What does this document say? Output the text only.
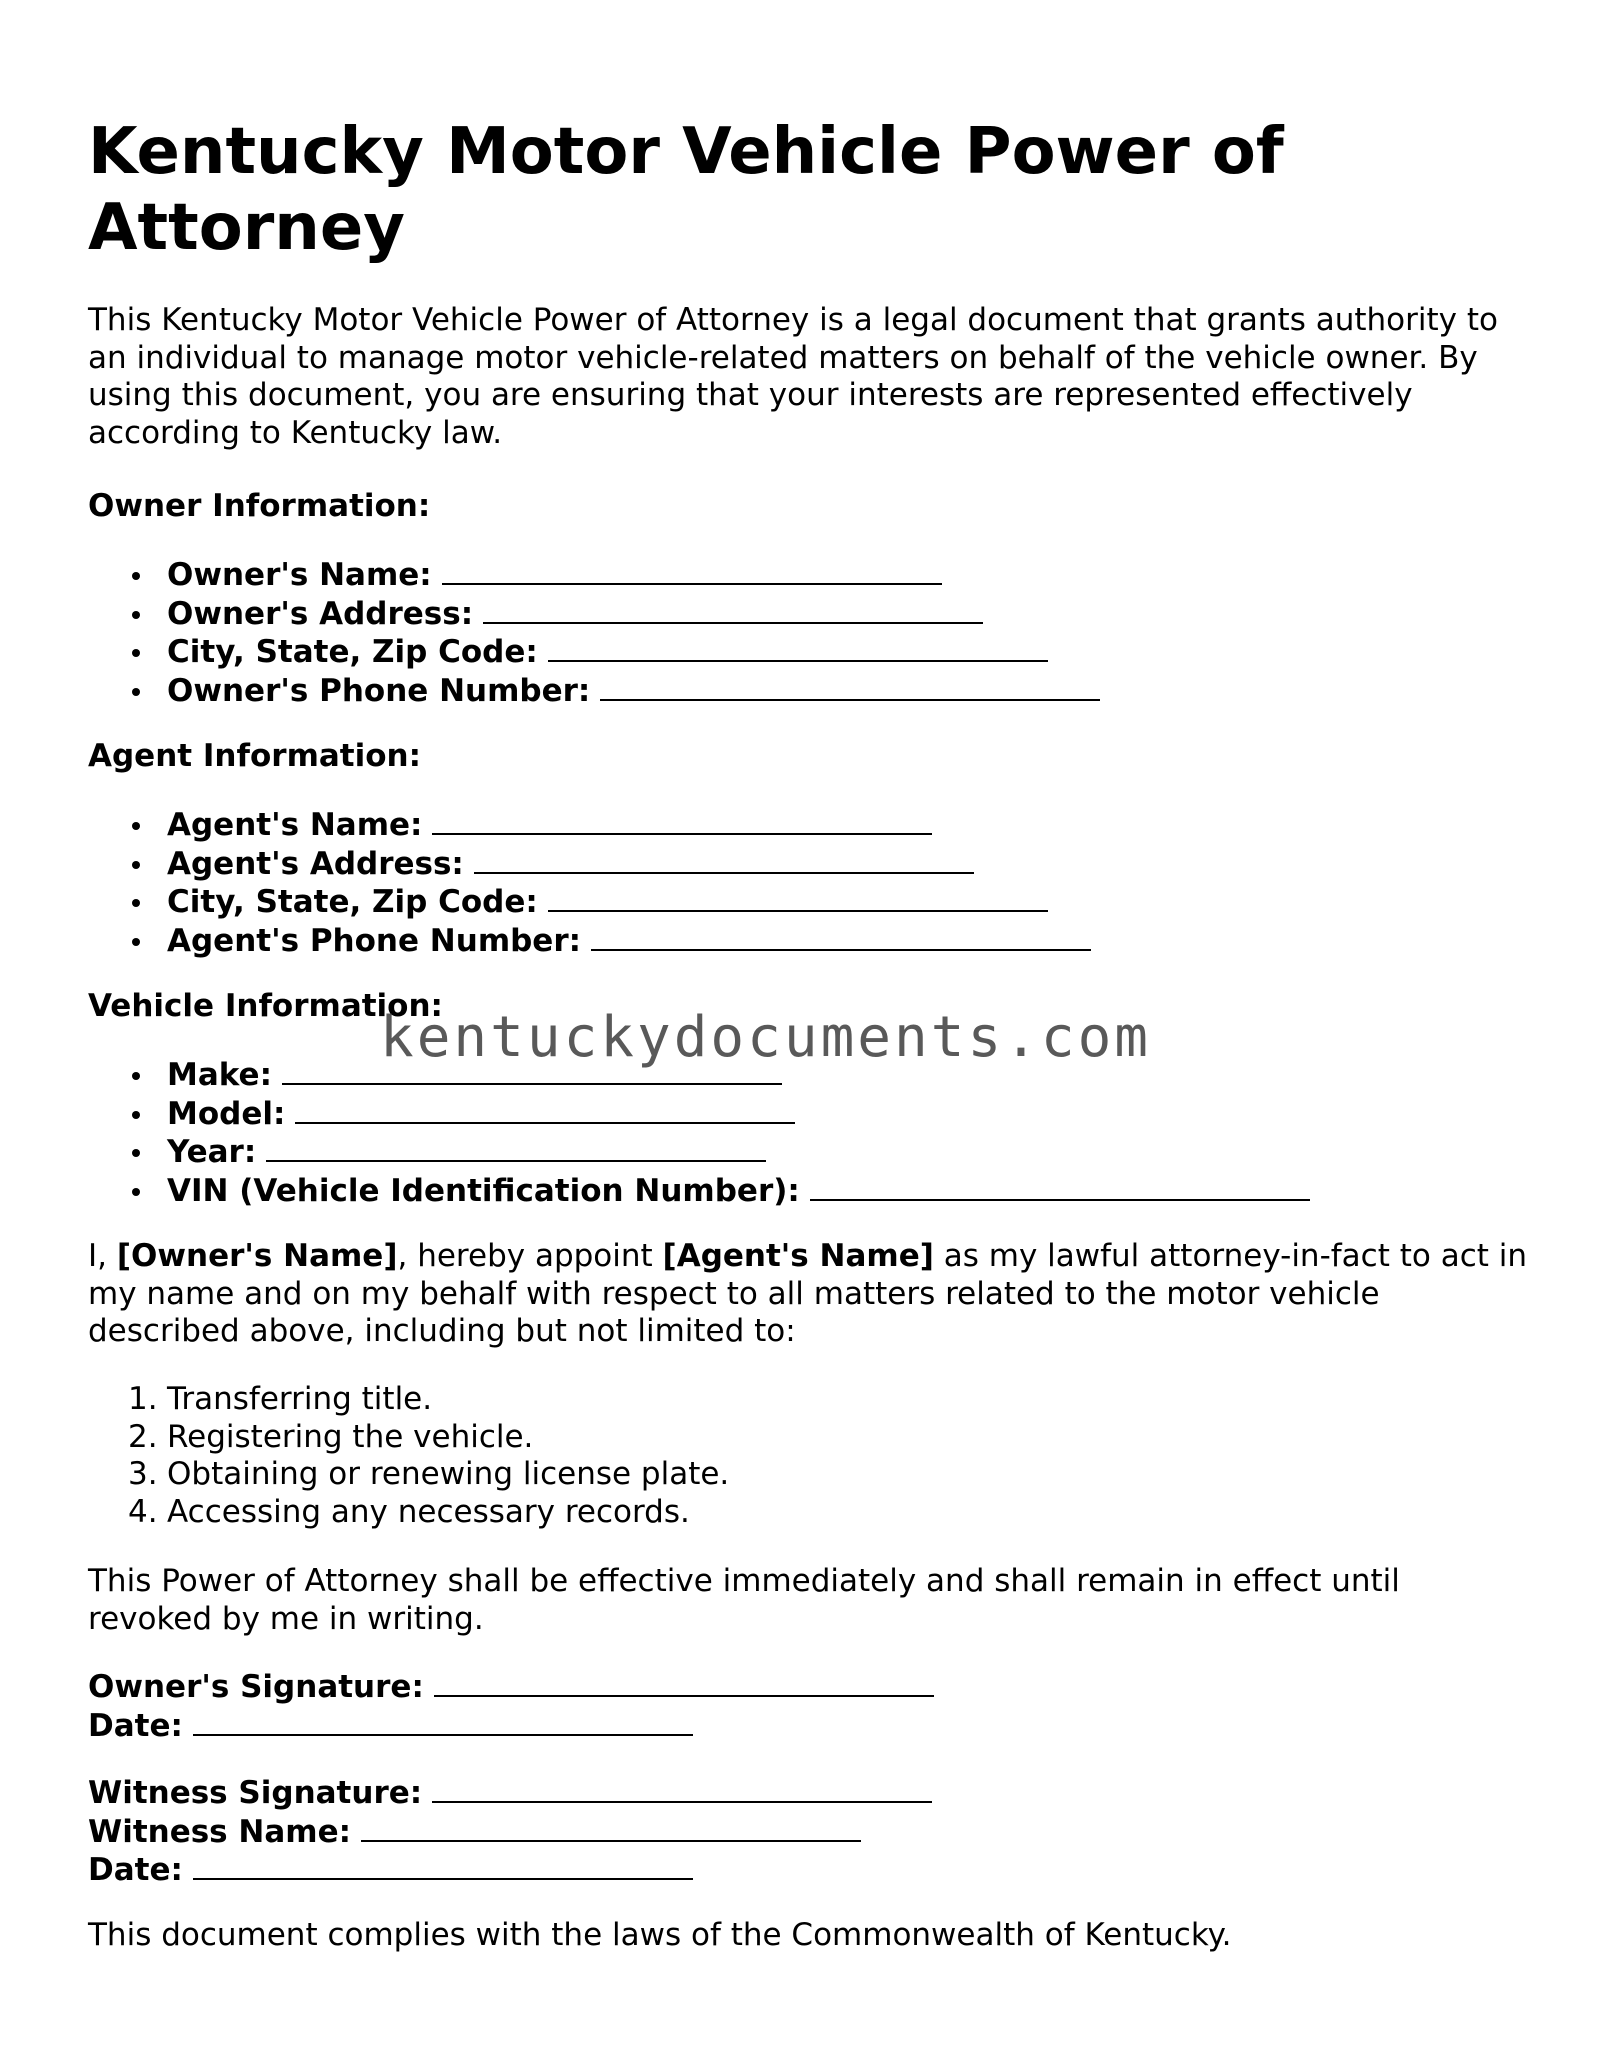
Kentucky Motor Vehicle Power of Attorney
This Kentucky Motor Vehicle Power of Attorney is a legal document that grants authority to an individual to manage motor vehicle-related matters on behalf of the vehicle owner. By using this document, you are ensuring that your interests are represented effectively according to Kentucky law.
Owner Information:
Owner's Name:
Owner's Address:
City, State, Zip Code:
Owner's Phone Number:
Agent Information:
Agent's Name:
Agent's Address:
City, State, Zip Code:
Agent's Phone Number:
Vehicle Information:
Make:
Model:
Year:
VIN (Vehicle Identification Number):
I, [Owner's Name], hereby appoint [Agent's Name] as my lawful attorney-in-fact to act in my name and on my behalf with respect to all matters related to the motor vehicle described above, including but not limited to:
1. Transferring title.
2. Registering the vehicle.
3. Obtaining or renewing license plate.
4. Accessing any necessary records.
This Power of Attorney shall be effective immediately and shall remain in effect until revoked by me in writing.
Owner's Signature:
Date:
Witness Signature:
Witness Name:
Date:
This document complies with the laws of the Commonwealth of Kentucky.
kentuckydocuments.com
